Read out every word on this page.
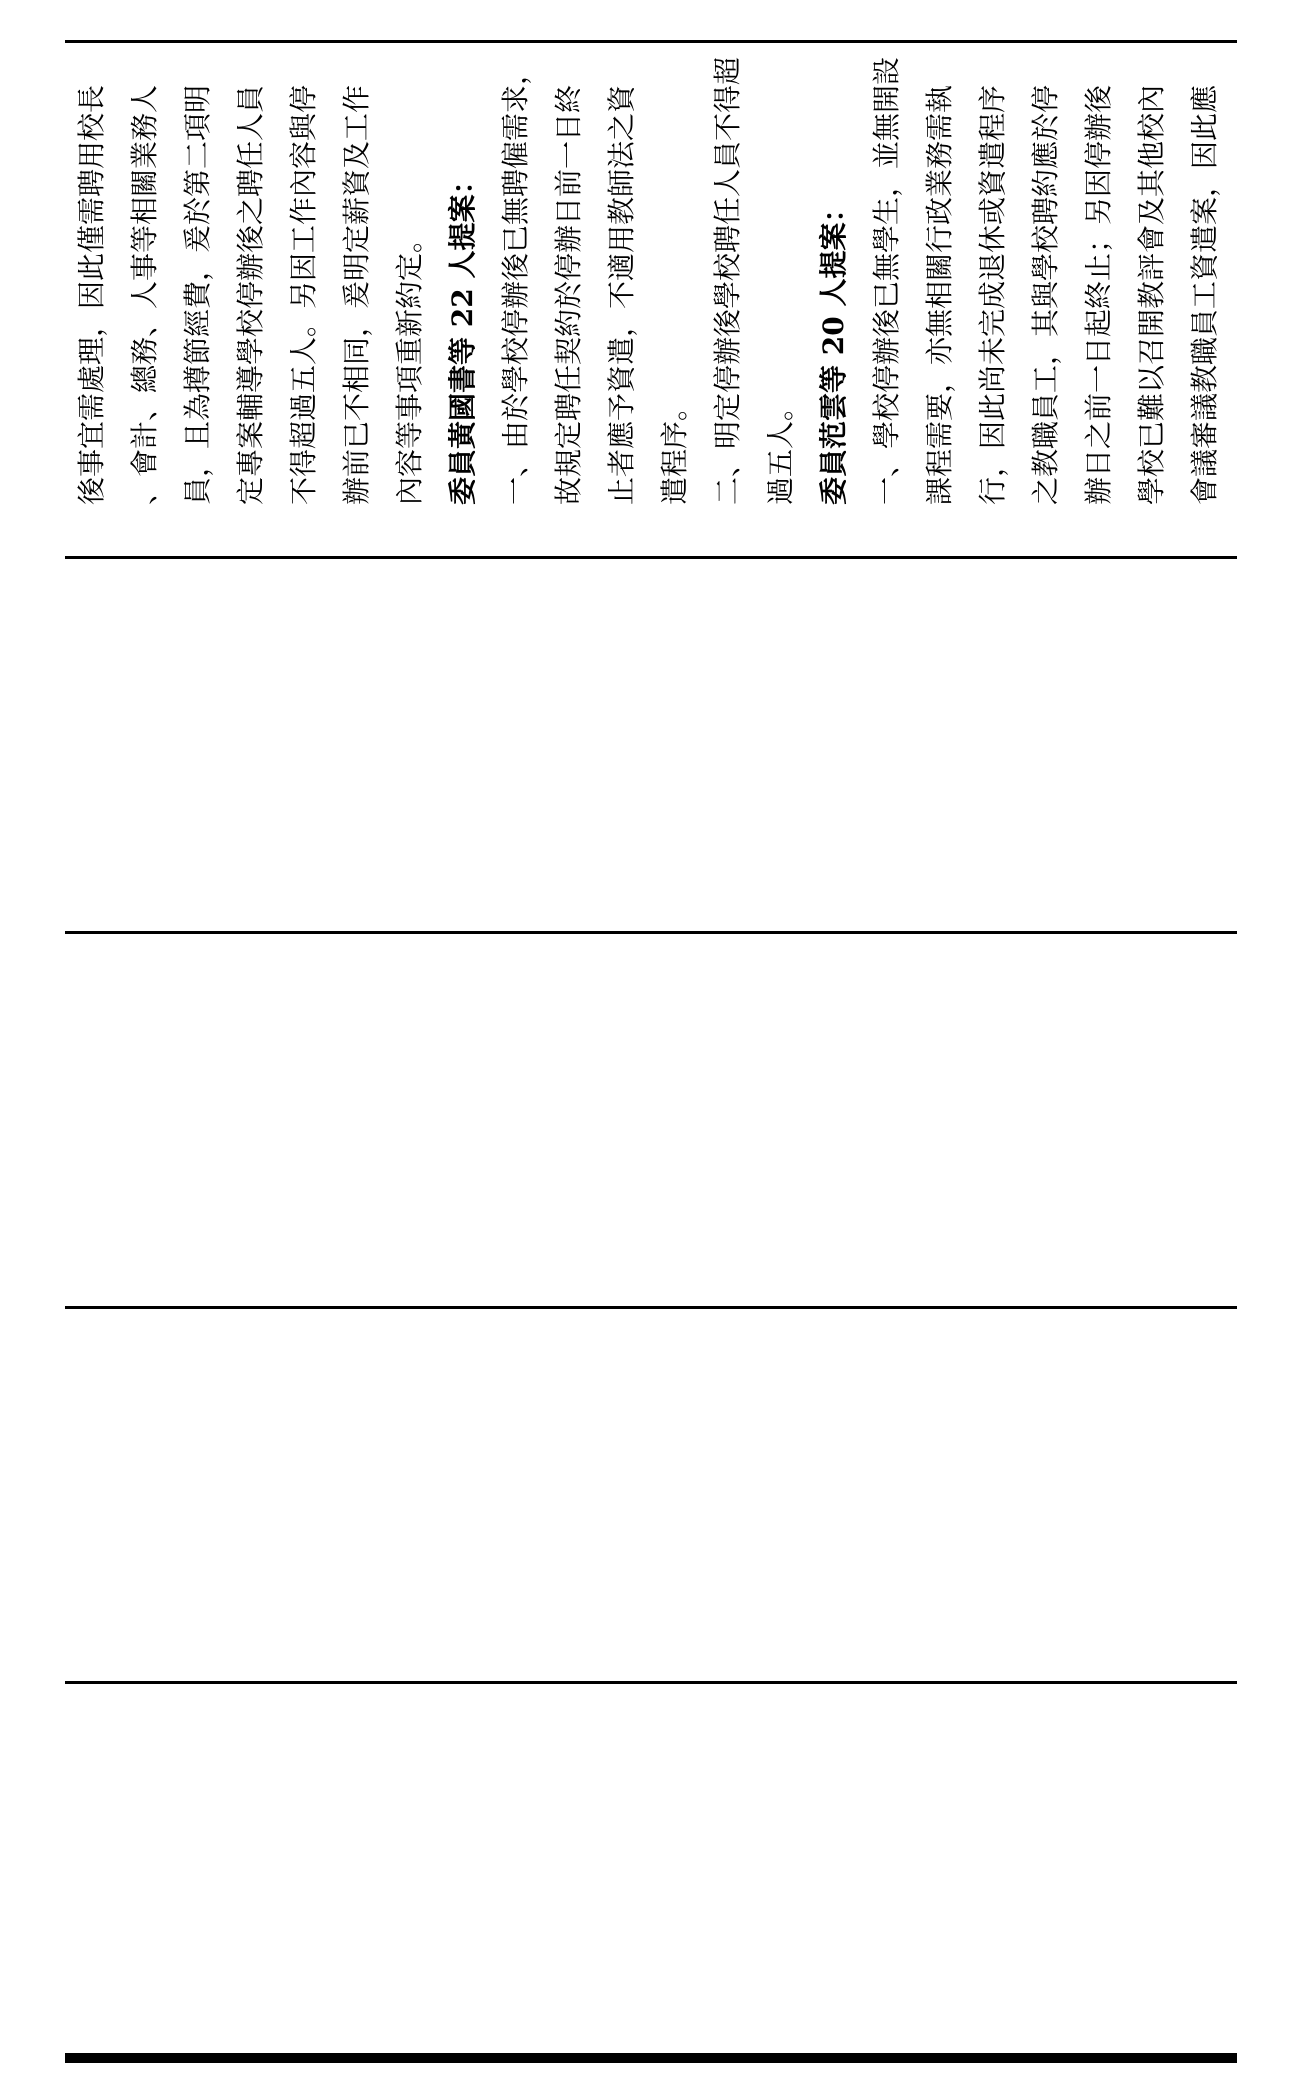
後事宜需處理，因此僅需聘用校長 、會計、總務、人事等相關業務人 員，且為撙節經費，爰於第二項明 定專案輔導學校停辦後之聘任人員 不得超過五人。另因工作內容與停 辦前已不相同，爰明定薪資及工作 內容等事項重新約定。 委員黃國書等 22 人提案： 一、由於學校停辦後已無聘僱需求， 故規定聘任契約於停辦日前一日終 止者應予資遣，不適用教師法之資 遣程序。 二、明定停辦後學校聘任人員不得超 過五人。 委員范雲等 20 人提案： 一、學校停辦後已無學生，並無開設 課程需要，亦無相關行政業務需執 行，因此尚未完成退休或資遣程序 之教職員工，其與學校聘約應於停 辦日之前一日起終止；另因停辦後 學校已難以召開教評會及其他校內 會議審議教職員工資遣案，因此應
